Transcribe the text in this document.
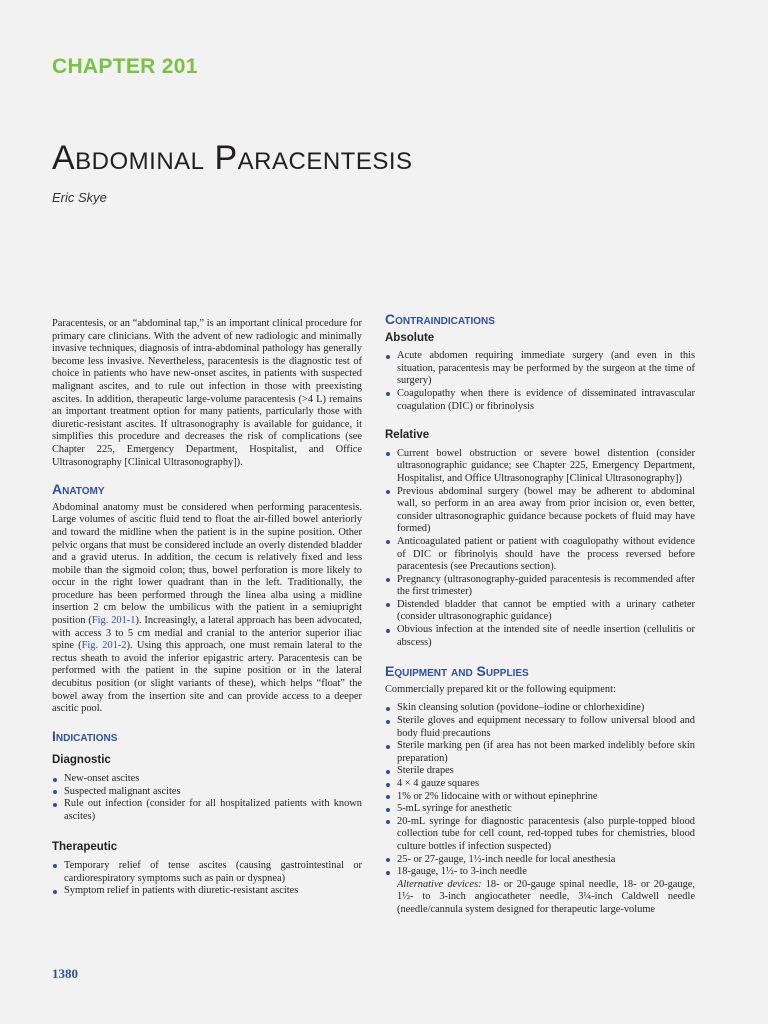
CHAPTER 201
Abdominal Paracentesis
Eric Skye

Paracentesis, or an “abdominal tap,” is an important clinical procedure for primary care clinicians. With the advent of new radiologic and minimally invasive techniques, diagnosis of intra-abdominal pathology has generally become less invasive. Nevertheless, paracentesis is the diagnostic test of choice in patients who have new-onset ascites, in patients with suspected malignant ascites, and to rule out infection in those with preexisting ascites. In addition, therapeutic large-volume paracentesis (>4 L) remains an important treatment option for many patients, particularly those with diuretic-resistant ascites. If ultrasonography is available for guidance, it simplifies this procedure and decreases the risk of complications (see Chapter 225, Emergency Department, Hospitalist, and Office Ultrasonography [Clinical Ultrasonography]).

Anatomy

Abdominal anatomy must be considered when performing paracentesis. Large volumes of ascitic fluid tend to float the air-filled bowel anteriorly and toward the midline when the patient is in the supine position. Other pelvic organs that must be considered include an overly distended bladder and a gravid uterus. In addition, the cecum is relatively fixed and less mobile than the sigmoid colon; thus, bowel perforation is more likely to occur in the right lower quadrant than in the left. Traditionally, the procedure has been performed through the linea alba using a midline insertion 2 cm below the umbilicus with the patient in a semiupright position (Fig. 201-1). Increasingly, a lateral approach has been advocated, with access 3 to 5 cm medial and cranial to the anterior superior iliac spine (Fig. 201-2). Using this approach, one must remain lateral to the rectus sheath to avoid the inferior epigastric artery. Paracentesis can be performed with the patient in the supine position or in the lateral decubitus position (or slight variants of these), which helps “float” the bowel away from the insertion site and can provide access to a deeper ascitic pool.

Indications
Diagnostic
New-onset ascites
Suspected malignant ascites
Rule out infection (consider for all hospitalized patients with known ascites)
Therapeutic
Temporary relief of tense ascites (causing gastrointestinal or cardiorespiratory symptoms such as pain or dyspnea)
Symptom relief in patients with diuretic-resistant ascites
Contraindications
Absolute
Acute abdomen requiring immediate surgery (and even in this situation, paracentesis may be performed by the surgeon at the time of surgery)
Coagulopathy when there is evidence of disseminated intravascular coagulation (DIC) or fibrinolysis
Relative
Current bowel obstruction or severe bowel distention (consider ultrasonographic guidance; see Chapter 225, Emergency Department, Hospitalist, and Office Ultrasonography [Clinical Ultrasonography])
Previous abdominal surgery (bowel may be adherent to abdominal wall, so perform in an area away from prior incision or, even better, consider ultrasonographic guidance because pockets of fluid may have formed)
Anticoagulated patient or patient with coagulopathy without evidence of DIC or fibrinolyis should have the process reversed before paracentesis (see Precautions section).
Pregnancy (ultrasonography-guided paracentesis is recommended after the first trimester)
Distended bladder that cannot be emptied with a urinary catheter (consider ultrasonographic guidance)
Obvious infection at the intended site of needle insertion (cellulitis or abscess)
Equipment and Supplies

Commercially prepared kit or the following equipment:

Skin cleansing solution (povidone–iodine or chlorhexidine)
Sterile gloves and equipment necessary to follow universal blood and body fluid precautions
Sterile marking pen (if area has not been marked indelibly before skin preparation)
Sterile drapes
4 × 4 gauze squares
1% or 2% lidocaine with or without epinephrine
5-mL syringe for anesthetic
20-mL syringe for diagnostic paracentesis (also purple-topped blood collection tube for cell count, red-topped tubes for chemistries, blood culture bottles if infection suspected)
25- or 27-gauge, 1½-inch needle for local anesthesia
18-gauge, 1½- to 3-inch needle

Alternative devices: 18- or 20-gauge spinal needle, 18- or 20-gauge, 1½- to 3-inch angiocatheter needle, 3¼-inch Caldwell needle (needle/cannula system designed for therapeutic large-volume

1380
